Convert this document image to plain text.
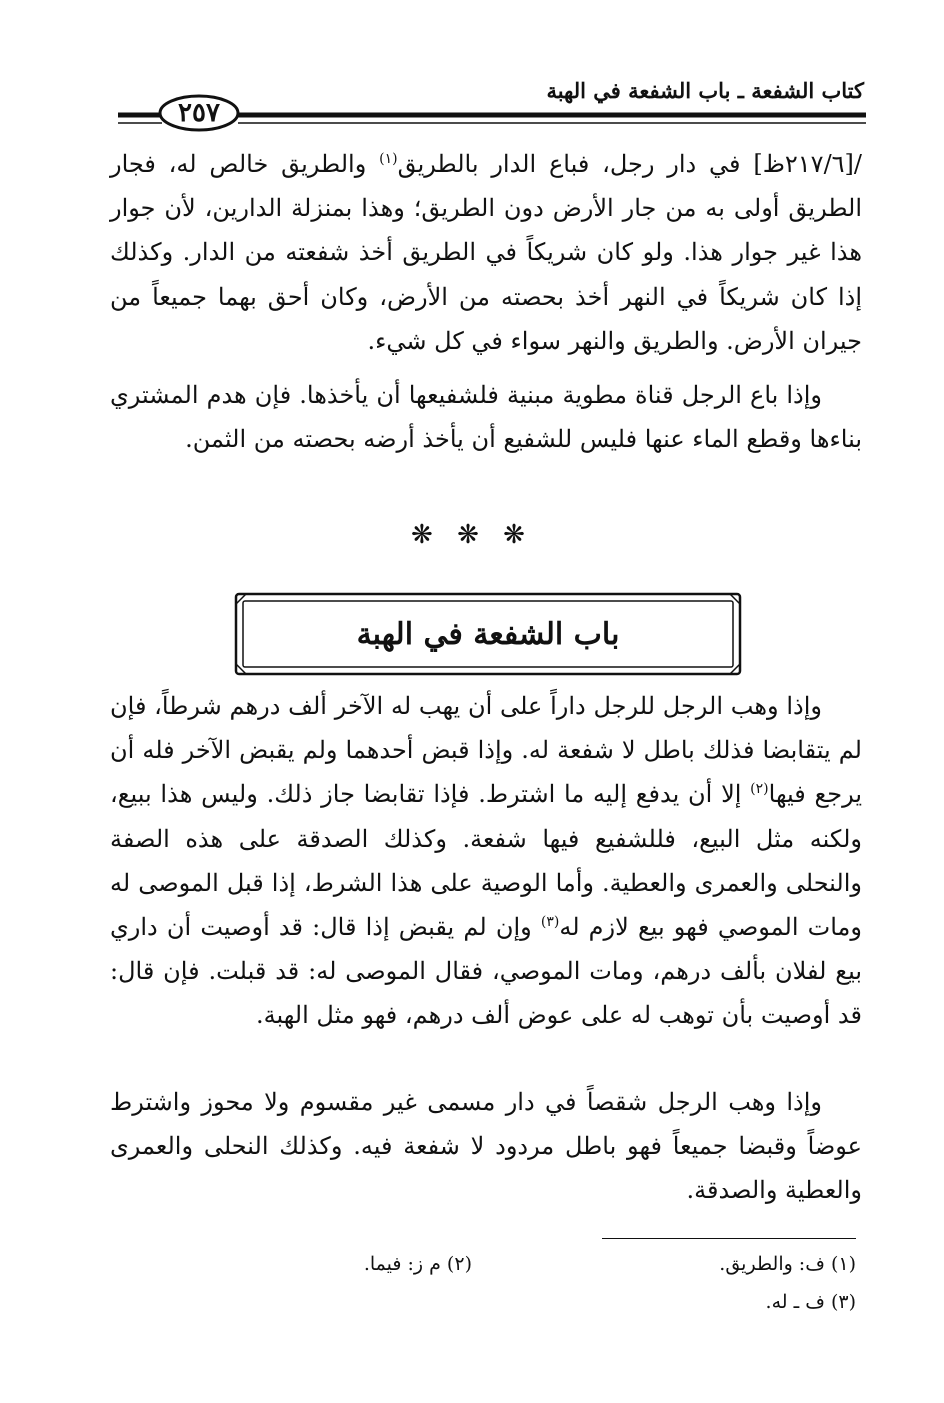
كتاب الشفعة ـ باب الشفعة في الهبة
٢٥٧
/[٢١٧/٦ظ] في دار رجل، فباع الدار بالطريق$^{(١)}$ والطريق خالص له، فجار الطريق أولى به من جار الأرض دون الطريق؛ وهذا بمنزلة الدارين، لأن جوار هذا غير جوار هذا. ولو كان شريكاً في الطريق أخذ شفعته من الدار. وكذلك إذا كان شريكاً في النهر أخذ بحصته من الأرض، وكان أحق بهما جميعاً من جيران الأرض. والطريق والنهر سواء في كل شيء.
وإذا باع الرجل قناة مطوية مبنية فلشفيعها أن يأخذها. فإن هدم المشتري بناءها وقطع الماء عنها فليس للشفيع أن يأخذ أرضه بحصته من الثمن.
❋ ❋ ❋
باب الشفعة في الهبة
وإذا وهب الرجل للرجل داراً على أن يهب له الآخر ألف درهم شرطاً، فإن لم يتقابضا فذلك باطل لا شفعة له. وإذا قبض أحدهما ولم يقبض الآخر فله أن يرجع فيها$^{(٢)}$ إلا أن يدفع إليه ما اشترط. فإذا تقابضا جاز ذلك. وليس هذا ببيع، ولكنه مثل البيع، فللشفيع فيها شفعة. وكذلك الصدقة على هذه الصفة والنحلى والعمرى والعطية. وأما الوصية على هذا الشرط، إذا قبل الموصى له ومات الموصي فهو بيع لازم له$^{(٣)}$ وإن لم يقبض إذا قال: قد أوصيت أن داري بيع لفلان بألف درهم، ومات الموصي، فقال الموصى له: قد قبلت. فإن قال: قد أوصيت بأن توهب له على عوض ألف درهم، فهو مثل الهبة.
وإذا وهب الرجل شقصاً في دار مسمى غير مقسوم ولا محوز واشترط عوضاً وقبضا جميعاً فهو باطل مردود لا شفعة فيه. وكذلك النحلى والعمرى والعطية والصدقة.
(١) ف: والطريق.
(٢) م ز: فيما.
(٣) ف ـ له.
